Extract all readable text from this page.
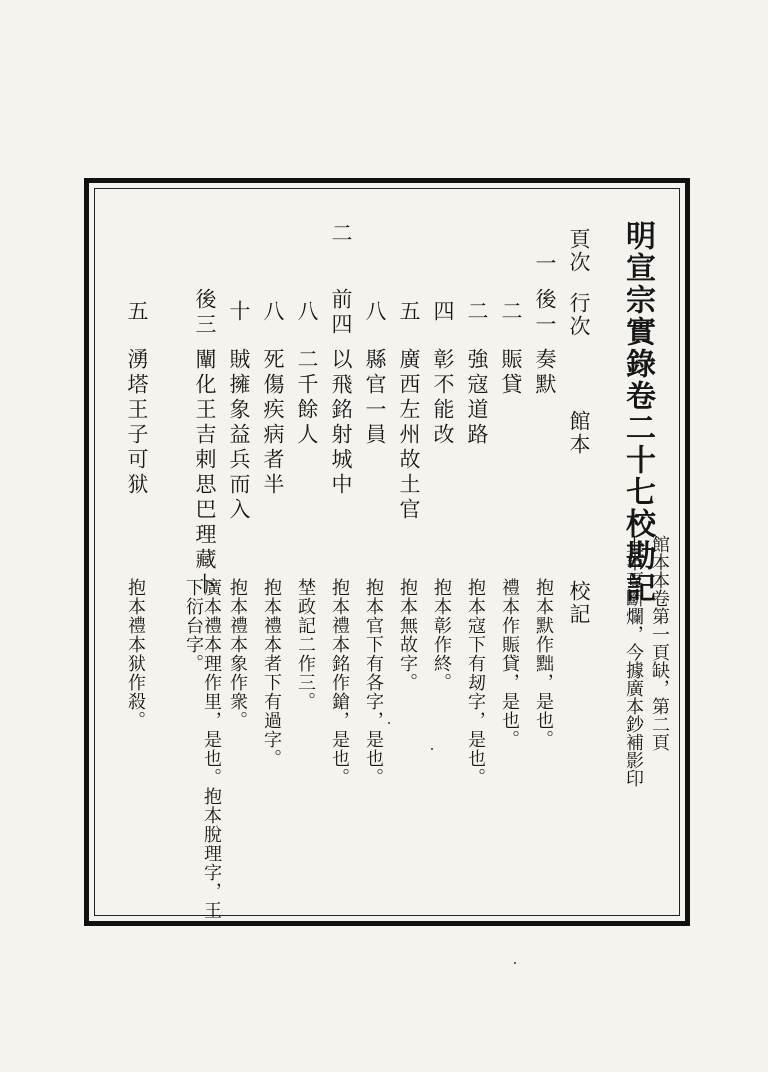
明宣宗實錄卷二十七校勘記
館本本卷第一頁缺，第二頁
上半頁斷爛，今據廣本鈔補影印
頁次
行次
館本
校記
一
後一
奏默
抱本默作黜，是也。
二
賑貸
禮本作賑貸，是也。
二
強寇道路
抱本寇下有刼字，是也。
四
彰不能改
抱本彰作終。
五
廣西左州故土官
抱本無故字。
八
縣官一員
抱本官下有各字，是也。
二
前四
以飛銘射城中
抱本禮本銘作鎗，是也。
八
二千餘人
埜政記二作三。
八
死傷疾病者半
抱本禮本者下有過字。
十
賊擁象益兵而入
抱本禮本象作衆。
後三
闡化王吉剌思巴理藏卜
廣本禮本理作里，是也。抱本脫理字，王下衍台字。
五
湧塔王子可狱
抱本禮本狱作殺。
